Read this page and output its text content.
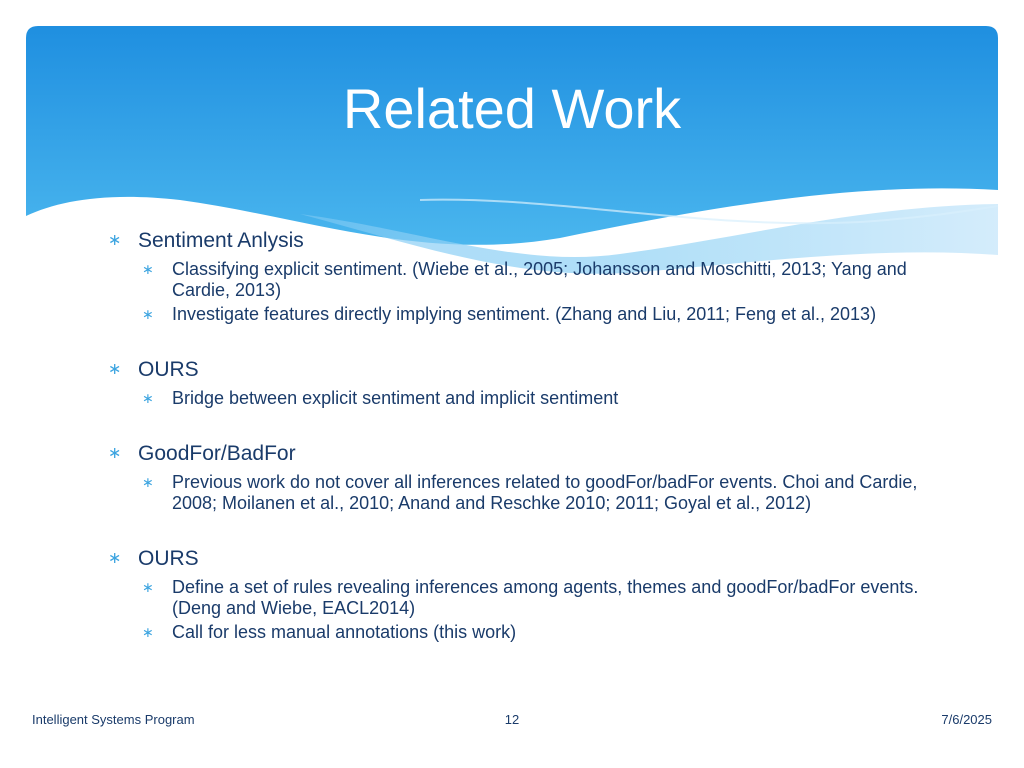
Related Work
∗ Sentiment Anlysis
∗ Classifying explicit sentiment. (Wiebe et al., 2005; Johansson and Moschitti, 2013; Yang and Cardie, 2013)
∗ Investigate features directly implying sentiment. (Zhang and Liu, 2011; Feng et al., 2013)
∗ OURS
∗ Bridge between explicit sentiment and implicit sentiment
∗ GoodFor/BadFor
∗ Previous work do not cover all inferences related to goodFor/badFor events. Choi and Cardie, 2008; Moilanen et al., 2010; Anand and Reschke 2010; 2011; Goyal et al., 2012)
∗ OURS
∗ Define a set of rules revealing inferences among agents, themes and goodFor/badFor events. (Deng and Wiebe, EACL2014)
∗ Call for less manual annotations (this work)
Intelligent Systems Program	12	7/6/2025
